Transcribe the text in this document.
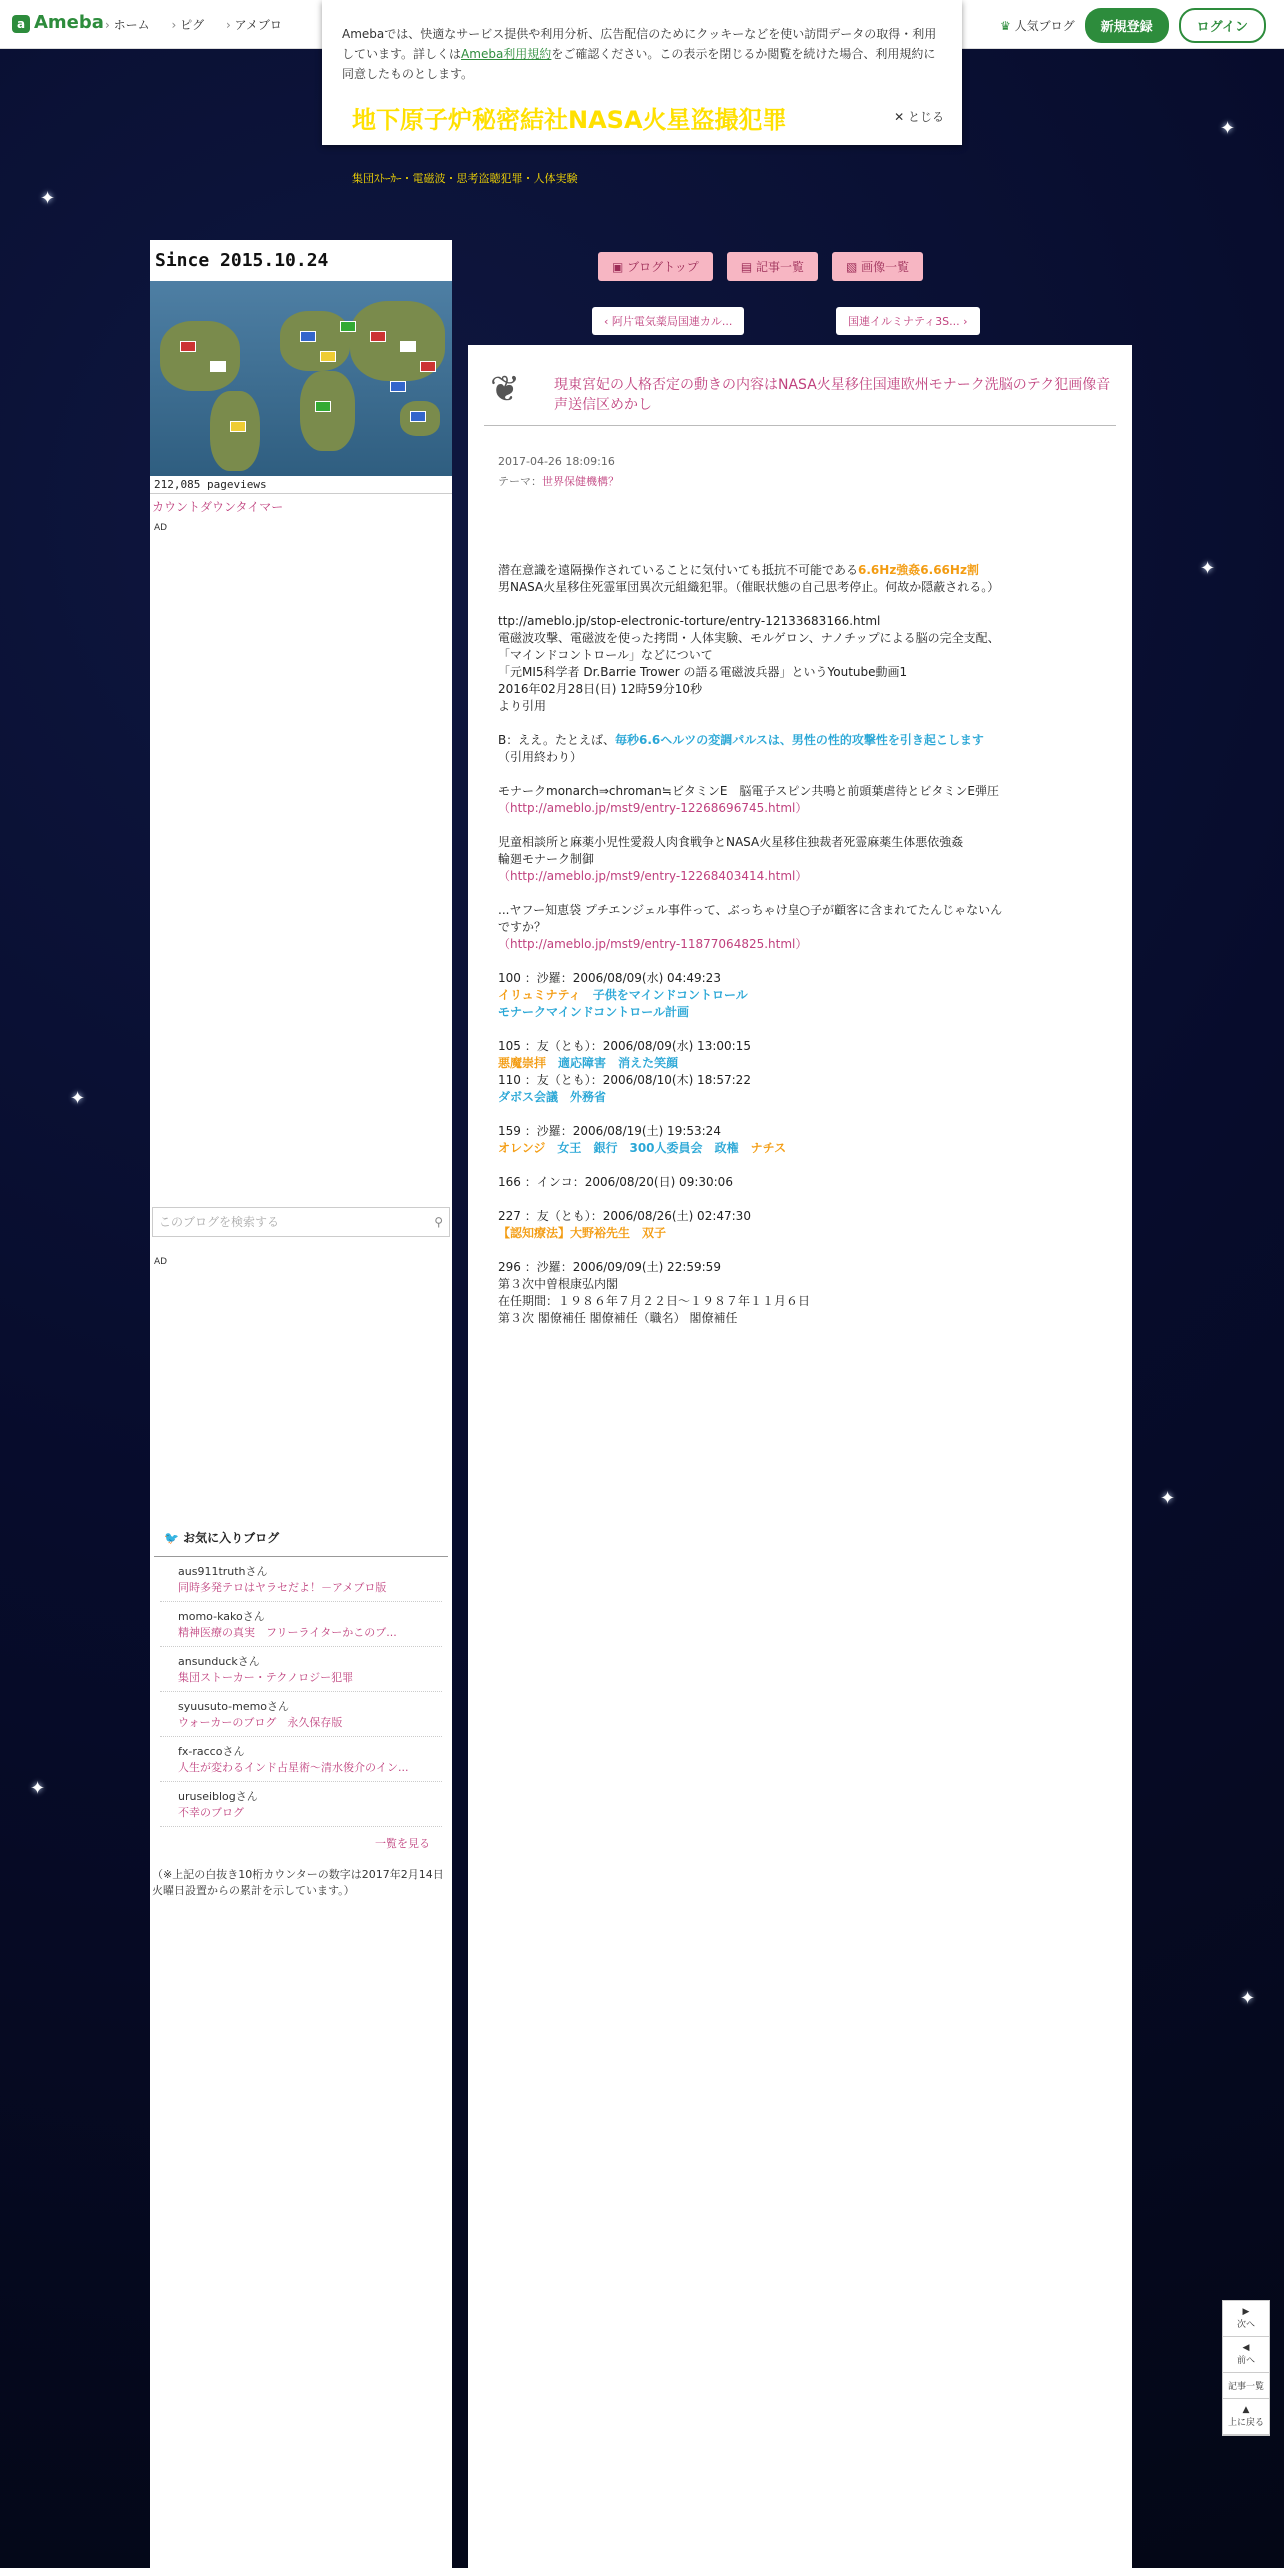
✦
✦
✦
✦
✦
✦
✦
a Ameba › ホーム	› ピグ	› アメブロ	♛ 人気ブログ	新規登録	ログイン
Amebaでは、快適なサービス提供や利用分析、広告配信のためにクッキーなどを使い訪問データの取得・利用しています。詳しくはAmeba利用規約をご確認ください。この表示を閉じるか閲覧を続けた場合、利用規約に同意したものとします。
✕ とじる
地下原子炉秘密結社NASA火星盗撮犯罪
集団ｽﾄｰｶｰ・電磁波・思考盗聴犯罪・人体実験
Since 2015.10.24
212,085 pageviews
カウントダウンタイマー
AD
このブログを検索する	⚲
AD
🐦 お気に入りブログ
aus911truthさん
同時多発テロはヤラセだよ！－アメブロ版
momo-kakoさん
精神医療の真実　フリーライターかこのブ...
ansunduckさん
集団ストーカー・テクノロジー犯罪
syuusuto-memoさん
ウォーカーのブログ　永久保存版
fx-raccoさん
人生が変わるインド占星術～清水俊介のイン...
uruseiblogさん
不幸のブログ
一覧を見る
（※上記の白抜き10桁カウンターの数字は2017年2月14日火曜日設置からの累計を示しています。）
▣ ブログトップ	▤ 記事一覧	▧ 画像一覧
‹ 阿片電気薬局国連カル...	国連イルミナティ3S... ›
❦ 現東宮妃の人格否定の動きの内容はNASA火星移住国連欧州モナーク洗脳のテク犯画像音声送信区めかし
2017-04-26 18:09:16
テーマ：世界保健機構？
潜在意識を遠隔操作されていることに気付いても抵抗不可能である6.6Hz強姦6.66Hz割
男NASA火星移住死霊軍団異次元組織犯罪。（催眠状態の自己思考停止。何故か隠蔽される。）

ttp://ameblo.jp/stop-electronic-torture/entry-12133683166.html
電磁波攻撃、電磁波を使った拷問・人体実験、モルゲロン、ナノチップによる脳の完全支配、
「マインドコントロール」などについて
「元MI5科学者 Dr.Barrie Trower の語る電磁波兵器」というYoutube動画1
2016年02月28日(日) 12時59分10秒
より引用

B：ええ。たとえば、毎秒6.6ヘルツの変調パルスは、男性の性的攻撃性を引き起こします
（引用終わり）

モナークmonarch⇒chroman≒ビタミンE　脳電子スピン共鳴と前頭葉虐待とビタミンE弾圧
（http://ameblo.jp/mst9/entry-12268696745.html）

児童相談所と麻薬小児性愛殺人肉食戦争とNASA火星移住独裁者死霊麻薬生体悪依強姦
輪廻モナーク制御
（http://ameblo.jp/mst9/entry-12268403414.html）

...ヤフー知恵袋 プチエンジェル事件って、ぶっちゃけ皇○子が顧客に含まれてたんじゃないん
ですか？
（http://ameblo.jp/mst9/entry-11877064825.html）

100 ：沙羅：2006/08/09(水) 04:49:23
イリュミナティ　 子供をマインドコントロール
モナークマインドコントロール計画

105 ：友（とも）：2006/08/09(水) 13:00:15
悪魔崇拝　 適応障害　 消えた笑顔
110 ：友（とも）：2006/08/10(木) 18:57:22
ダボス会議　 外務省

159 ：沙羅：2006/08/19(土) 19:53:24
オレンジ　 女王　 銀行　 300人委員会　 政権　 ナチス

166 ：インコ：2006/08/20(日) 09:30:06

227 ：友（とも）：2006/08/26(土) 02:47:30
【認知療法】大野裕先生　 双子

296 ：沙羅：2006/09/09(土) 22:59:59
第３次中曽根康弘内閣
在任期間：１９８６年７月２２日～１９８７年１１月６日
第３次 閣僚補任 閣僚補任（職名） 閣僚補任
▶
次へ
◀
前へ
記事一覧
▲
上に戻る
